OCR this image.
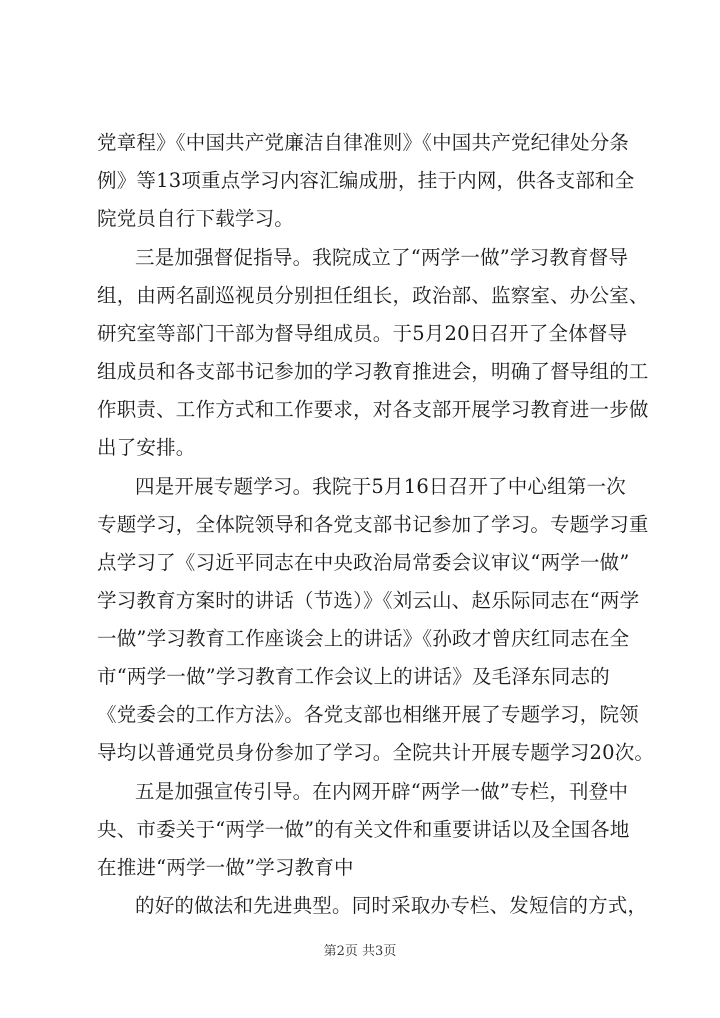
党章程》《中国共产党廉洁自律准则》《中国共产党纪律处分条
例》等13项重点学习内容汇编成册，挂于内网，供各支部和全
院党员自行下载学习。
三是加强督促指导。我院成立了“两学一做”学习教育督导
组，由两名副巡视员分别担任组长，政治部、监察室、办公室、
研究室等部门干部为督导组成员。于5月20日召开了全体督导
组成员和各支部书记参加的学习教育推进会，明确了督导组的工
作职责、工作方式和工作要求，对各支部开展学习教育进一步做
出了安排。
四是开展专题学习。我院于5月16日召开了中心组第一次
专题学习，全体院领导和各党支部书记参加了学习。专题学习重
点学习了《习近平同志在中央政治局常委会议审议“两学一做”
学习教育方案时的讲话（节选）》《刘云山、赵乐际同志在“两学
一做”学习教育工作座谈会上的讲话》《孙政才曾庆红同志在全
市“两学一做”学习教育工作会议上的讲话》及毛泽东同志的
《党委会的工作方法》。各党支部也相继开展了专题学习，院领
导均以普通党员身份参加了学习。全院共计开展专题学习20次。
五是加强宣传引导。在内网开辟“两学一做”专栏，刊登中
央、市委关于“两学一做”的有关文件和重要讲话以及全国各地
在推进“两学一做”学习教育中
的好的做法和先进典型。同时采取办专栏、发短信的方式，
第2页 共3页
